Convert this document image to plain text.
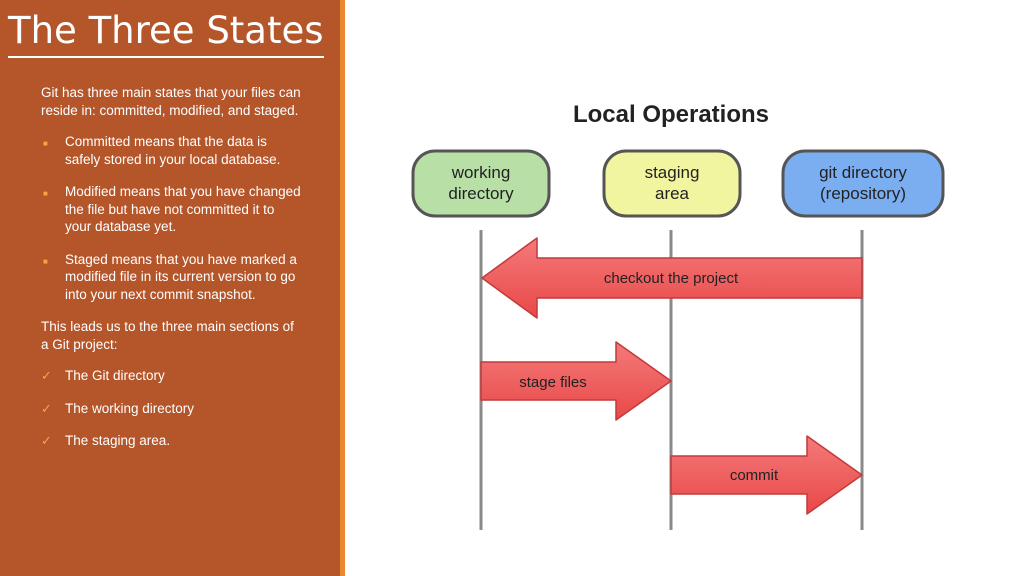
The Three States

Git has three main states that your files can reside in: committed, modified, and staged.

■ Committed means that the data is safely stored in your local database.
■ Modified means that you have changed the file but have not committed it to your database yet.
■ Staged means that you have marked a modified file in its current version to go into your next commit snapshot.

This leads us to the three main sections of a Git project:

✓ The Git directory
✓ The working directory
✓ The staging area.
Local Operations
working
directory
staging
area
git directory
(repository)
checkout the project
stage files
commit
